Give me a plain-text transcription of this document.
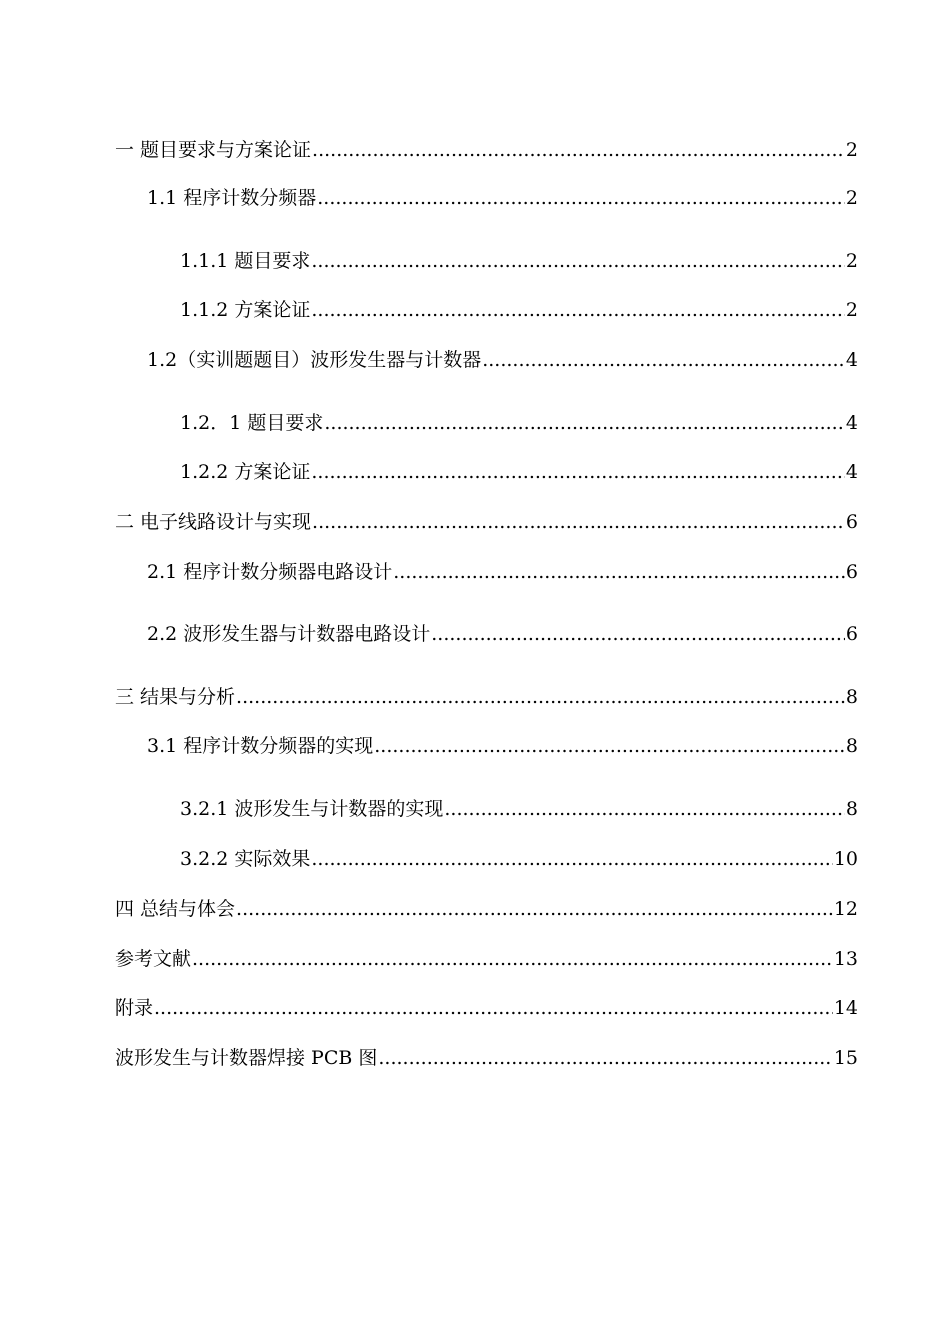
一 题目要求与方案论证 .....	2
1.1 程序计数分频器 .....	2
1.1.1 题目要求 .....	2
1.1.2 方案论证 .....	2
1.2（实训题题目）波形发生器与计数器 .....	4
1.2．1 题目要求 .....	4
1.2.2 方案论证 .....	4
二 电子线路设计与实现 .....	6
2.1 程序计数分频器电路设计 .....	6
2.2 波形发生器与计数器电路设计 .....	6
三 结果与分析 .....	8
3.1 程序计数分频器的实现 .....	8
3.2.1 波形发生与计数器的实现 .....	8
3.2.2 实际效果 .....	10
四 总结与体会 .....	12
参考文献 .....	13
附录 .....	14
波形发生与计数器焊接 PCB 图 .....	15
